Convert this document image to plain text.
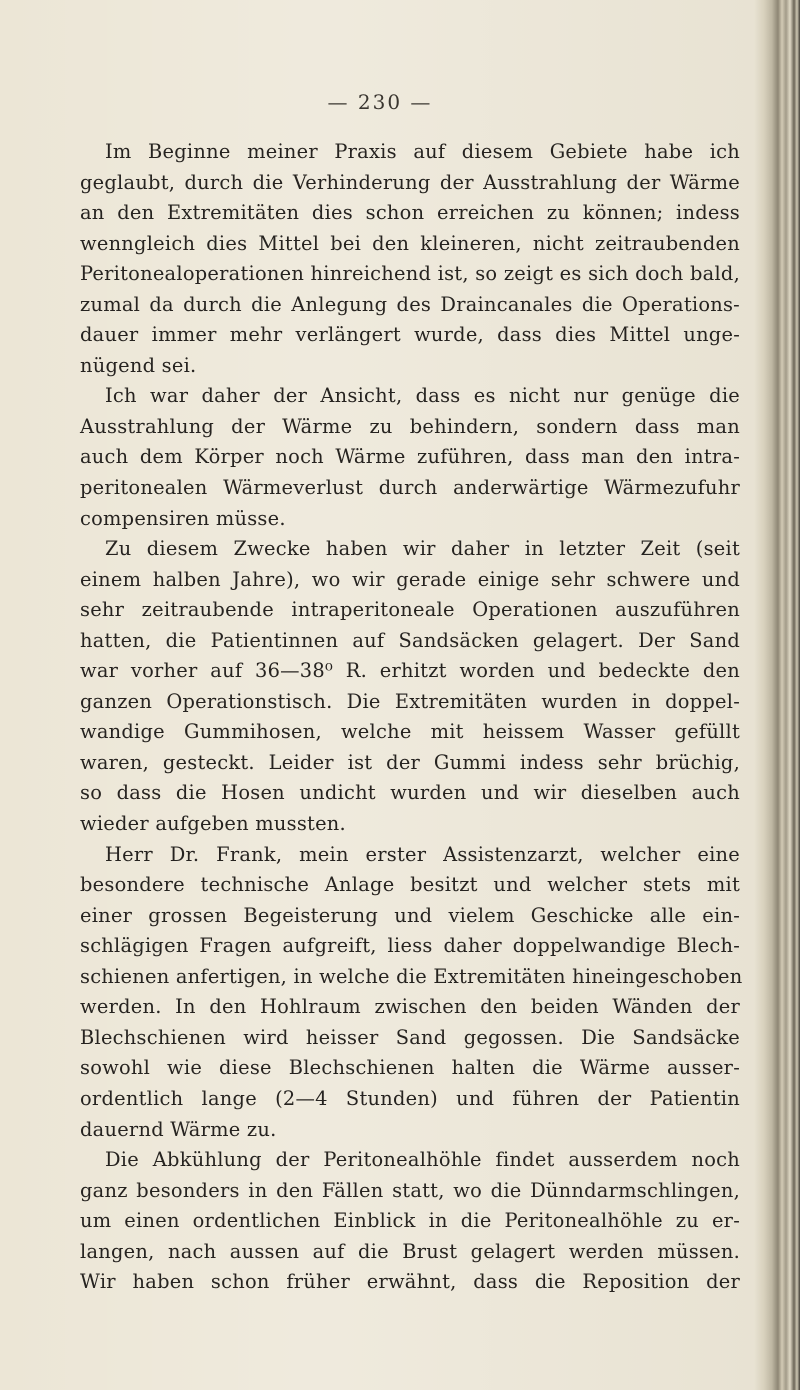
— 230 —
Im Beginne meiner Praxis auf diesem Gebiete habe ich
geglaubt, durch die Verhinderung der Ausstrahlung der Wärme
an den Extremitäten dies schon erreichen zu können; indess
wenngleich dies Mittel bei den kleineren, nicht zeitraubenden
Peritonealoperationen hinreichend ist, so zeigt es sich doch bald,
zumal da durch die Anlegung des Draincanales die Operations-
dauer immer mehr verlängert wurde, dass dies Mittel unge-
nügend sei.
Ich war daher der Ansicht, dass es nicht nur genüge die
Ausstrahlung der Wärme zu behindern, sondern dass man
auch dem Körper noch Wärme zuführen, dass man den intra-
peritonealen Wärmeverlust durch anderwärtige Wärmezufuhr
compensiren müsse.
Zu diesem Zwecke haben wir daher in letzter Zeit (seit
einem halben Jahre), wo wir gerade einige sehr schwere und
sehr zeitraubende intraperitoneale Operationen auszuführen
hatten, die Patientinnen auf Sandsäcken gelagert. Der Sand
war vorher auf 36—38⁰ R. erhitzt worden und bedeckte den
ganzen Operationstisch. Die Extremitäten wurden in doppel-
wandige Gummihosen, welche mit heissem Wasser gefüllt
waren, gesteckt. Leider ist der Gummi indess sehr brüchig,
so dass die Hosen undicht wurden und wir dieselben auch
wieder aufgeben mussten.
Herr Dr. Frank, mein erster Assistenzarzt, welcher eine
besondere technische Anlage besitzt und welcher stets mit
einer grossen Begeisterung und vielem Geschicke alle ein-
schlägigen Fragen aufgreift, liess daher doppelwandige Blech-
schienen anfertigen, in welche die Extremitäten hineingeschoben
werden. In den Hohlraum zwischen den beiden Wänden der
Blechschienen wird heisser Sand gegossen. Die Sandsäcke
sowohl wie diese Blechschienen halten die Wärme ausser-
ordentlich lange (2—4 Stunden) und führen der Patientin
dauernd Wärme zu.
Die Abkühlung der Peritonealhöhle findet ausserdem noch
ganz besonders in den Fällen statt, wo die Dünndarmschlingen,
um einen ordentlichen Einblick in die Peritonealhöhle zu er-
langen, nach aussen auf die Brust gelagert werden müssen.
Wir haben schon früher erwähnt, dass die Reposition der
